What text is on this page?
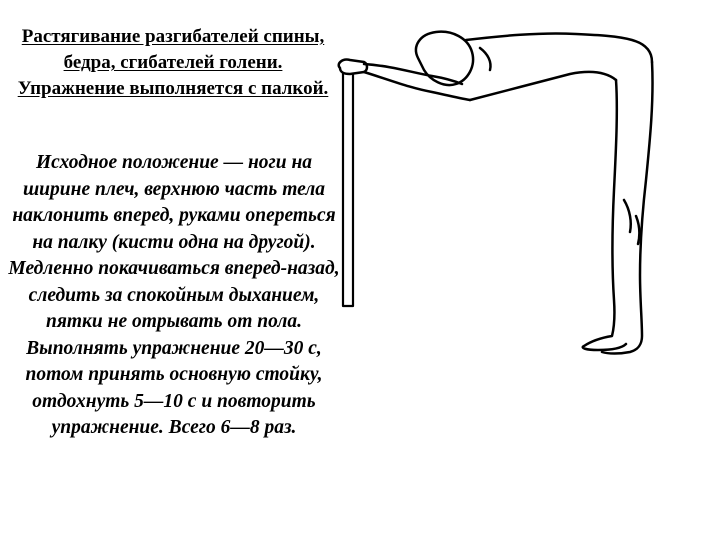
Растягивание разгибателей спины, бедра, сгибателей голени. Упражнение выполняется с палкой.
Исходное положение — ноги на ширине плеч, верхнюю часть тела наклонить вперед, руками опереться на палку (кисти одна на другой). Медленно покачиваться вперед-назад, следить за спокойным дыханием, пятки не отрывать от пола. Выполнять упражнение 20—30 с, потом принять основную стойку, отдохнуть 5—10 с и повторить упражнение. Всего 6—8 раз.
